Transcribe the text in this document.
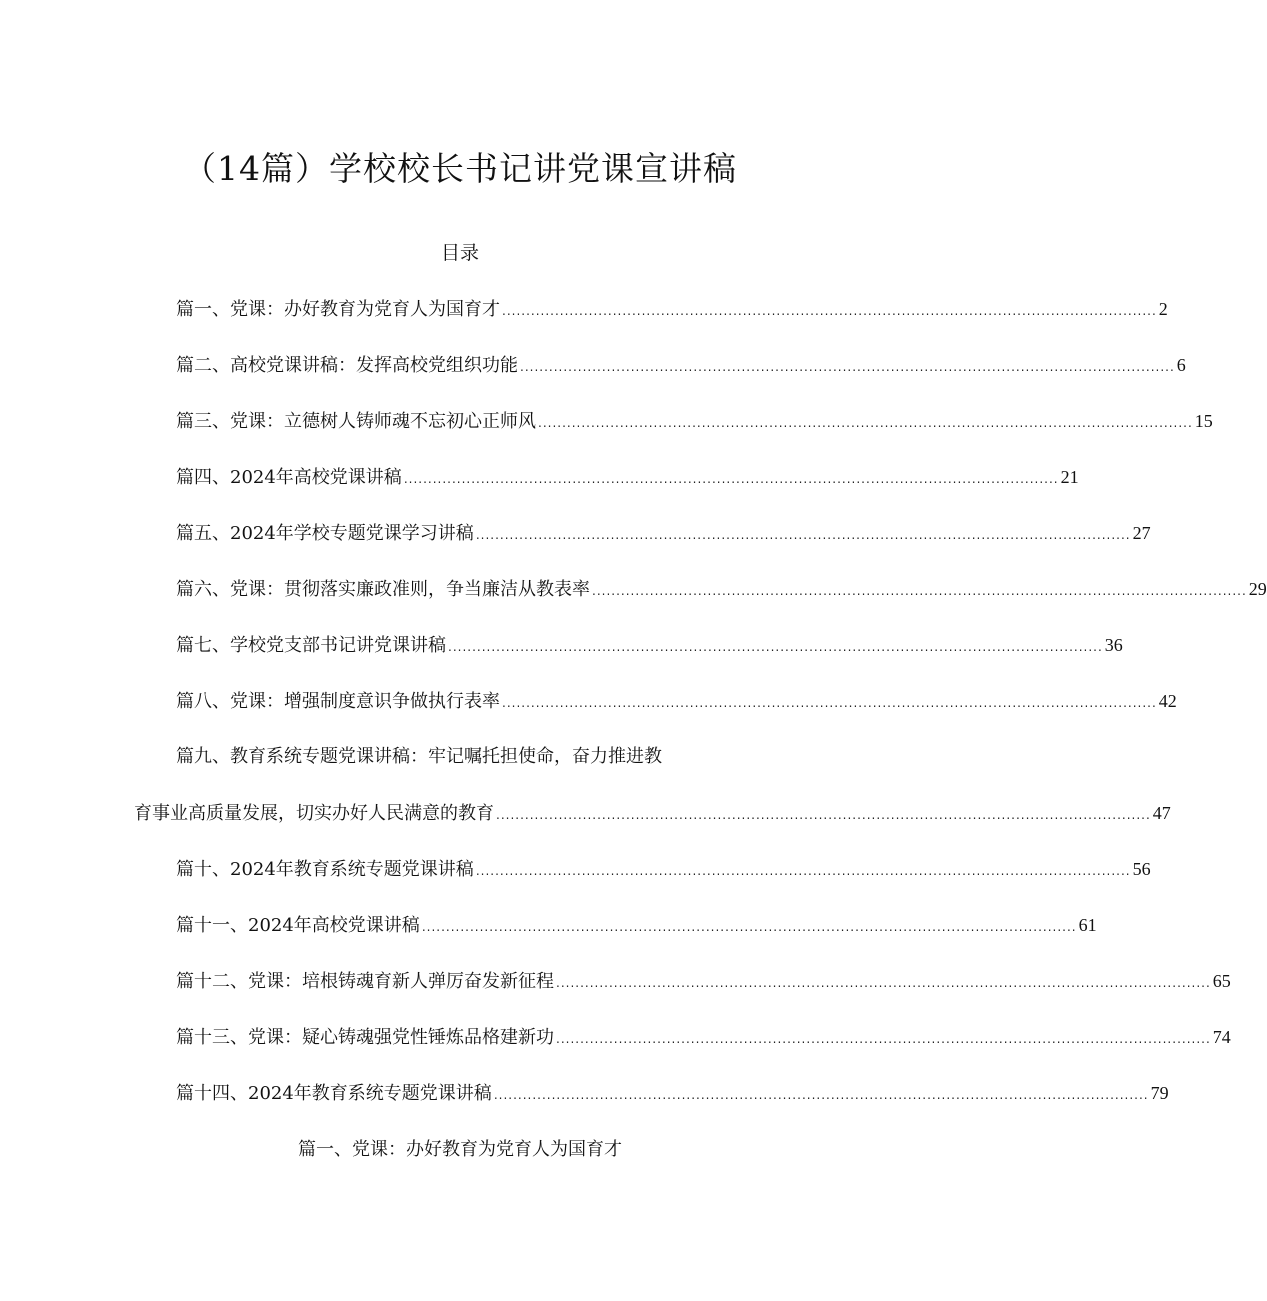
（14篇）学校校长书记讲党课宣讲稿
目录
篇一、党课：办好教育为党育人为国育才 ........................................................................................................................................ 2
篇二、高校党课讲稿：发挥高校党组织功能 ........................................................................................................................................ 6
篇三、党课：立德树人铸师魂不忘初心正师风 ........................................................................................................................................ 15
篇四、2024年高校党课讲稿 ........................................................................................................................................ 21
篇五、2024年学校专题党课学习讲稿 ........................................................................................................................................ 27
篇六、党课：贯彻落实廉政准则，争当廉洁从教表率 ........................................................................................................................................ 29
篇七、学校党支部书记讲党课讲稿 ........................................................................................................................................ 36
篇八、党课：增强制度意识争做执行表率 ........................................................................................................................................ 42
篇九、教育系统专题党课讲稿：牢记嘱托担使命，奋力推进教
育事业高质量发展，切实办好人民满意的教育 ........................................................................................................................................ 47
篇十、2024年教育系统专题党课讲稿 ........................................................................................................................................ 56
篇十一、2024年高校党课讲稿 ........................................................................................................................................ 61
篇十二、党课：培根铸魂育新人弹厉奋发新征程 ........................................................................................................................................ 65
篇十三、党课：疑心铸魂强党性锤炼品格建新功 ........................................................................................................................................ 74
篇十四、2024年教育系统专题党课讲稿 ........................................................................................................................................ 79
篇一、党课：办好教育为党育人为国育才
